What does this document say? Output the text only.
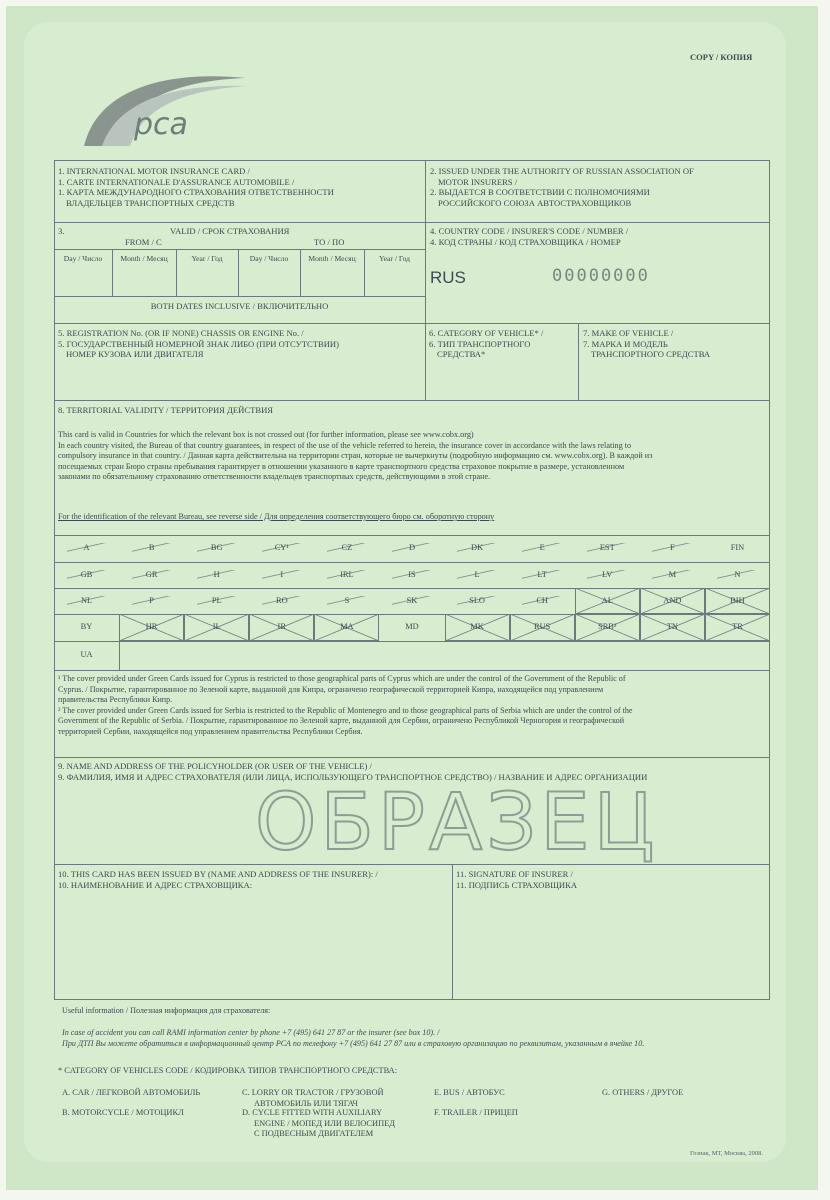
COPY / КОПИЯ
рса
1. INTERNATIONAL MOTOR INSURANCE CARD /
1. CARTE INTERNATIONALE D'ASSURANCE AUTOMOBILE /
1. КАРТА МЕЖДУНАРОДНОГО СТРАХОВАНИЯ ОТВЕТСТВЕННОСТИ
ВЛАДЕЛЬЦЕВ ТРАНСПОРТНЫХ СРЕДСТВ
2. ISSUED UNDER THE AUTHORITY OF RUSSIAN ASSOCIATION OF
MOTOR INSURERS /
2. ВЫДАЕТСЯ В СООТВЕТСТВИИ С ПОЛНОМОЧИЯМИ
РОССИЙСКОГО СОЮЗА АВТОСТРАХОВЩИКОВ
3.	VALID / СРОК СТРАХОВАНИЯ
FROM / C	TO / ПО
Day / Число	Month / Месяц	Year / Год	Day / Число	Month / Месяц	Year / Год
BOTH DATES INCLUSIVE / ВКЛЮЧИТЕЛЬНО
4. COUNTRY CODE / INSURER'S CODE / NUMBER /
4. КОД СТРАНЫ / КОД СТРАХОВЩИКА / НОМЕР
RUS	00000000
5. REGISTRATION No. (OR IF NONE) CHASSIS OR ENGINE No. /
5. ГОСУДАРСТВЕННЫЙ НОМЕРНОЙ ЗНАК ЛИБО (ПРИ ОТСУТСТВИИ)
НОМЕР КУЗОВА ИЛИ ДВИГАТЕЛЯ
6. CATEGORY OF VEHICLE* /
6. ТИП ТРАНСПОРТНОГО
СРЕДСТВА*
7. MAKE OF VEHICLE /
7. МАРКА И МОДЕЛЬ
ТРАНСПОРТНОГО СРЕДСТВА
8. TERRITORIAL VALIDITY / ТЕРРИТОРИЯ ДЕЙСТВИЯ
This card is valid in Countries for which the relevant box is not crossed out (for further information, please see www.cobx.org)
In each country visited, the Bureau of that country guarantees, in respect of the use of the vehicle referred to herein, the insurance cover in accordance with the laws relating to
compulsory insurance in that country. / Данная карта действительна на территории стран, которые не вычеркнуты (подробную информацию см. www.cobx.org). В каждой из
посещаемых стран Бюро страны пребывания гарантирует в отношении указанного в карте транспортного средства страховое покрытие в размере, установленном
законами по обязательному страхованию ответственности владельцев транспортных средств, действующими в этой стране.
For the identification of the relevant Bureau, see reverse side / Для определения соответствующего бюро см. оборотную сторону
A	B	BG	CY¹	CZ	D	DK	E	EST	F	FIN
GB	GR	H	I	IRL	IS	L	LT	LV	M	N
NL	P	PL	RO	S	SK	SLO	CH	AL	AND	BIH
BY	HR	IL	IR	MA	MD	MK	RUS	SRB²	TN	TR
UA
¹ The cover provided under Green Cards issued for Cyprus is restricted to those geographical parts of Cyprus which are under the control of the Government of the Republic of
Cyprus. / Покрытие, гарантированное по Зеленой карте, выданной для Кипра, ограничено географической территорией Кипра, находящейся под управлением
правительства Республики Кипр.
² The cover provided under Green Cards issued for Serbia is restricted to the Republic of Montenegro and to those geographical parts of Serbia which are under the control of the
Government of the Republic of Serbia. / Покрытие, гарантированное по Зеленой карте, выданной для Сербии, ограничено Республикой Черногория и географической
территорией Сербии, находящейся под управлением правительства Республики Сербия.
9. NAME AND ADDRESS OF THE POLICYHOLDER (OR USER OF THE VEHICLE) /
9. ФАМИЛИЯ, ИМЯ И АДРЕС СТРАХОВАТЕЛЯ (ИЛИ ЛИЦА, ИСПОЛЬЗУЮЩЕГО ТРАНСПОРТНОЕ СРЕДСТВО) / НАЗВАНИЕ И АДРЕС ОРГАНИЗАЦИИ
ОБРАЗЕЦ
10. THIS CARD HAS BEEN ISSUED BY (NAME AND ADDRESS OF THE INSURER): /
10. НАИМЕНОВАНИЕ И АДРЕС СТРАХОВЩИКА:
11. SIGNATURE OF INSURER /
11. ПОДПИСЬ СТРАХОВЩИКА
Useful information / Полезная информация для страхователя:
In case of accident you can call RAMI information center by phone +7 (495) 641 27 87 or the insurer (see box 10). /
При ДТП Вы можете обратиться в информационный центр РСА по телефону +7 (495) 641 27 87 или в страховую организацию по реквизитам, указанным в ячейке 10.
* CATEGORY OF VEHICLES CODE / КОДИРОВКА ТИПОВ ТРАНСПОРТНОГО СРЕДСТВА:
A. CAR / ЛЕГКОВОЙ АВТОМОБИЛЬ
B. MOTORCYCLE / МОТОЦИКЛ
C. LORRY OR TRACTOR / ГРУЗОВОЙ
АВТОМОБИЛЬ ИЛИ ТЯГАЧ
D. CYCLE FITTED WITH AUXILIARY
ENGINE / МОПЕД ИЛИ ВЕЛОСИПЕД
С ПОДВЕСНЫМ ДВИГАТЕЛЕМ
E. BUS / АВТОБУС
F. TRAILER / ПРИЦЕП
G. OTHERS / ДРУГОЕ
Гознак, МТ, Москва, 2008.
